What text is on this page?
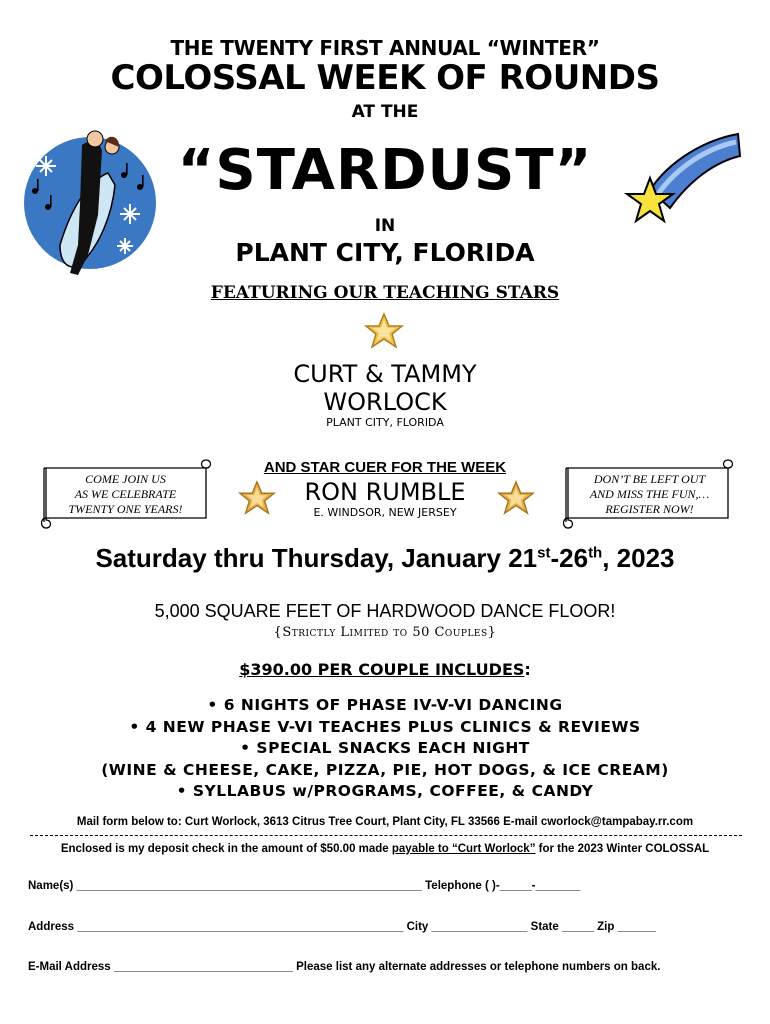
THE TWENTY FIRST ANNUAL “WINTER”
COLOSSAL WEEK OF ROUNDS
AT THE
“STARDUST”
IN
PLANT CITY, FLORIDA
FEATURING OUR TEACHING STARS
CURT & TAMMY
WORLOCK
PLANT CITY, FLORIDA
COME JOIN US
AS WE CELEBRATE
TWENTY ONE YEARS!
DON’T BE LEFT OUT
AND MISS THE FUN,…
REGISTER NOW!
AND STAR CUER FOR THE WEEK
RON RUMBLE
E. WINDSOR, NEW JERSEY
Saturday thru Thursday, January 21st-26th, 2023
5,000 SQUARE FEET OF HARDWOOD DANCE FLOOR!
{Strictly Limited to 50 Couples}
$390.00 PER COUPLE INCLUDES:
• 6 NIGHTS OF PHASE IV-V-VI DANCING
• 4 NEW PHASE V-VI TEACHES PLUS CLINICS & REVIEWS
• SPECIAL SNACKS EACH NIGHT
(WINE & CHEESE, CAKE, PIZZA, PIE, HOT DOGS, & ICE CREAM)
• SYLLABUS w/PROGRAMS, COFFEE, & CANDY
Mail form below to: Curt Worlock, 3613 Citrus Tree Court, Plant City, FL 33566 E-mail cworlock@tampabay.rr.com
Enclosed is my deposit check in the amount of $50.00 made payable to “Curt Worlock” for the 2023 Winter COLOSSAL
Name(s) ______________________________________________________ Telephone ( )-_____-_______
Address ___________________________________________________ City _______________ State _____ Zip ______
E-Mail Address ____________________________ Please list any alternate addresses or telephone numbers on back.
